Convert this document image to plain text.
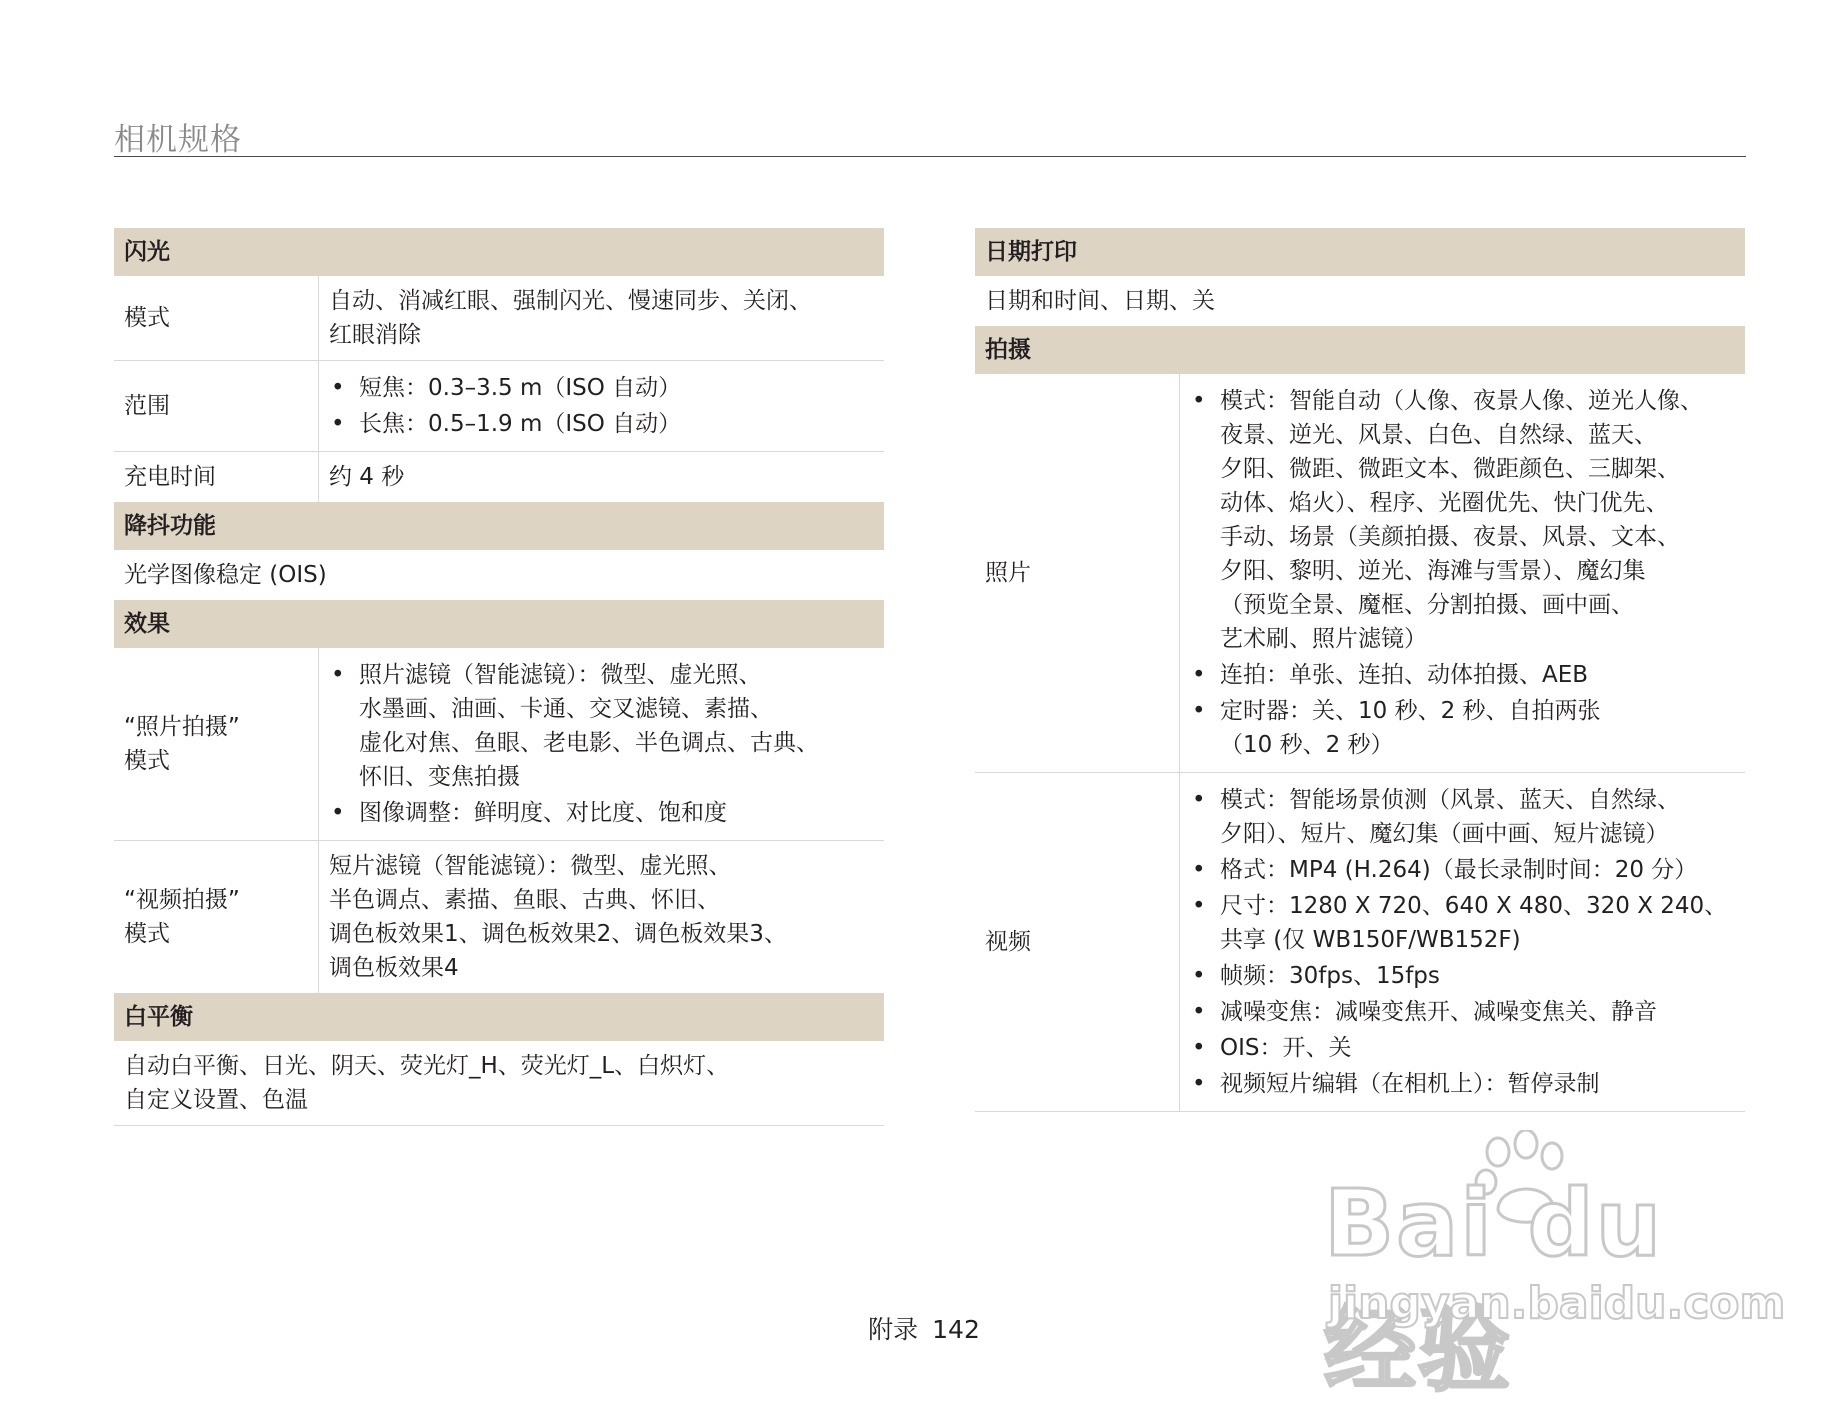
相机规格
闪光
模式
自动、消减红眼、强制闪光、慢速同步、关闭、
红眼消除
范围
• 短焦：0.3–3.5 m（ISO 自动）
• 长焦：0.5–1.9 m（ISO 自动）
充电时间	约 4 秒
降抖功能
光学图像稳定 (OIS)
效果
“照片拍摄”
模式
• 照片滤镜（智能滤镜）：微型、虚光照、
水墨画、油画、卡通、交叉滤镜、素描、
虚化对焦、鱼眼、老电影、半色调点、古典、
怀旧、变焦拍摄
• 图像调整：鲜明度、对比度、饱和度
“视频拍摄”
模式
短片滤镜（智能滤镜）：微型、虚光照、
半色调点、素描、鱼眼、古典、怀旧、
调色板效果1、调色板效果2、调色板效果3、
调色板效果4
白平衡
自动白平衡、日光、阴天、荧光灯_H、荧光灯_L、白炽灯、
自定义设置、色温
日期打印
日期和时间、日期、关
拍摄
照片
• 模式：智能自动（人像、夜景人像、逆光人像、
夜景、逆光、风景、白色、自然绿、蓝天、
夕阳、微距、微距文本、微距颜色、三脚架、
动体、焰火）、程序、光圈优先、快门优先、
手动、场景（美颜拍摄、夜景、风景、文本、
夕阳、黎明、逆光、海滩与雪景）、魔幻集
（预览全景、魔框、分割拍摄、画中画、
艺术刷、照片滤镜）
• 连拍：单张、连拍、动体拍摄、AEB
• 定时器：关、10 秒、2 秒、自拍两张
（10 秒、2 秒）
视频
• 模式：智能场景侦测（风景、蓝天、自然绿、
夕阳）、短片、魔幻集（画中画、短片滤镜）
• 格式：MP4 (H.264)（最长录制时间：20 分）
• 尺寸：1280 X 720、640 X 480、320 X 240、
共享 (仅 WB150F/WB152F)
• 帧频：30fps、15fps
• 减噪变焦：减噪变焦开、减噪变焦关、静音
• OIS：开、关
• 视频短片编辑（在相机上）：暂停录制
附录 142
Bai du 经验
jingyan.baidu.com
